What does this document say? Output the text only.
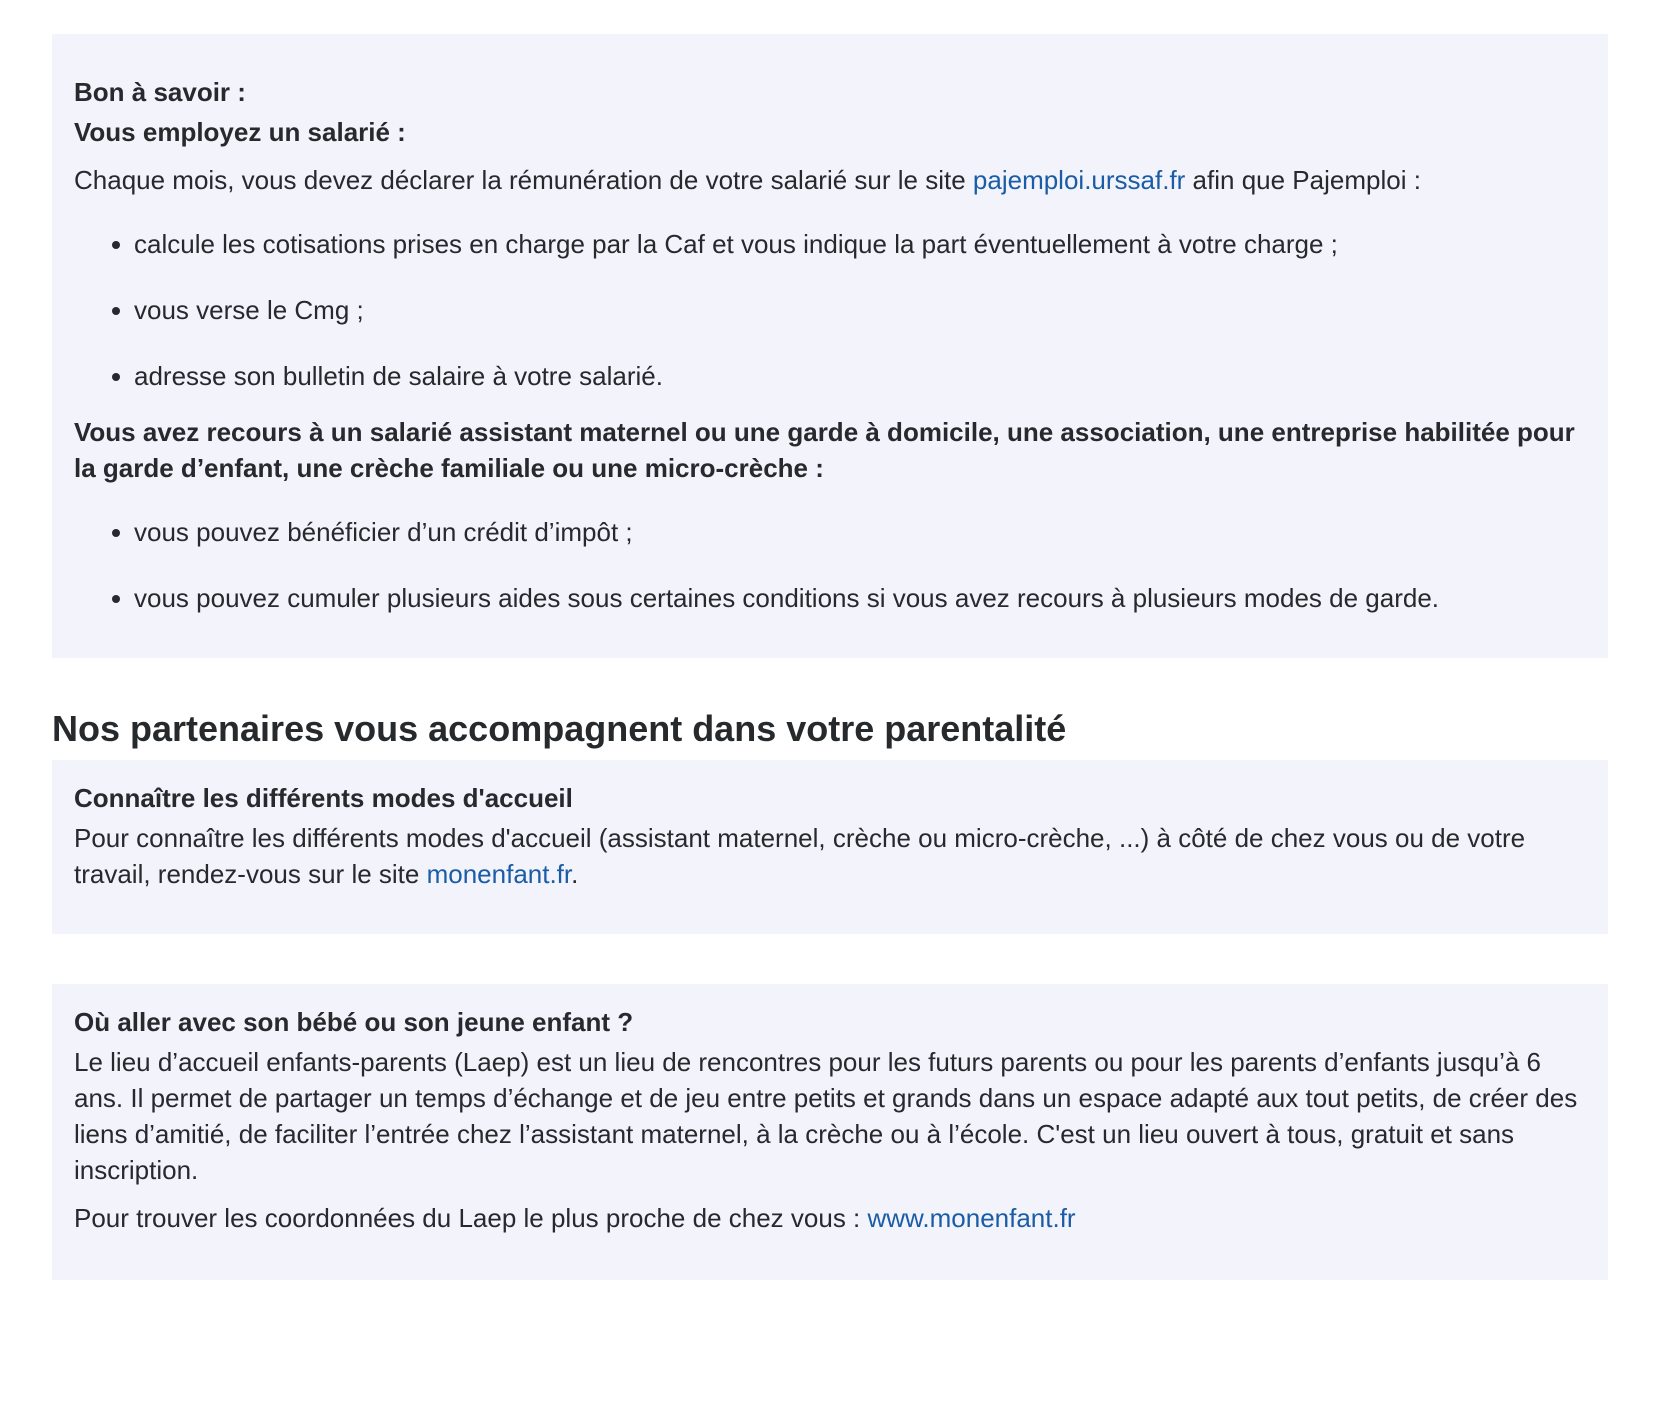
Bon à savoir :

Vous employez un salarié :

Chaque mois, vous devez déclarer la rémunération de votre salarié sur le site pajemploi.urssaf.fr afin que Pajemploi :

calcule les cotisations prises en charge par la Caf et vous indique la part éventuellement à votre charge ;
vous verse le Cmg ;
adresse son bulletin de salaire à votre salarié.

Vous avez recours à un salarié assistant maternel ou une garde à domicile, une association, une entreprise habilitée pour la garde d’enfant, une crèche familiale ou une micro-crèche :

vous pouvez bénéficier d’un crédit d’impôt ;
vous pouvez cumuler plusieurs aides sous certaines conditions si vous avez recours à plusieurs modes de garde.
Nos partenaires vous accompagnent dans votre parentalité

Connaître les différents modes d'accueil

Pour connaître les différents modes d'accueil (assistant maternel, crèche ou micro-crèche, ...) à côté de chez vous ou de votre travail, rendez-vous sur le site monenfant.fr.

Où aller avec son bébé ou son jeune enfant ?

Le lieu d’accueil enfants-parents (Laep) est un lieu de rencontres pour les futurs parents ou pour les parents d’enfants jusqu’à 6 ans. Il permet de partager un temps d’échange et de jeu entre petits et grands dans un espace adapté aux tout petits, de créer des liens d’amitié, de faciliter l’entrée chez l’assistant maternel, à la crèche ou à l’école. C'est un lieu ouvert à tous, gratuit et sans inscription.

Pour trouver les coordonnées du Laep le plus proche de chez vous : www.monenfant.fr
